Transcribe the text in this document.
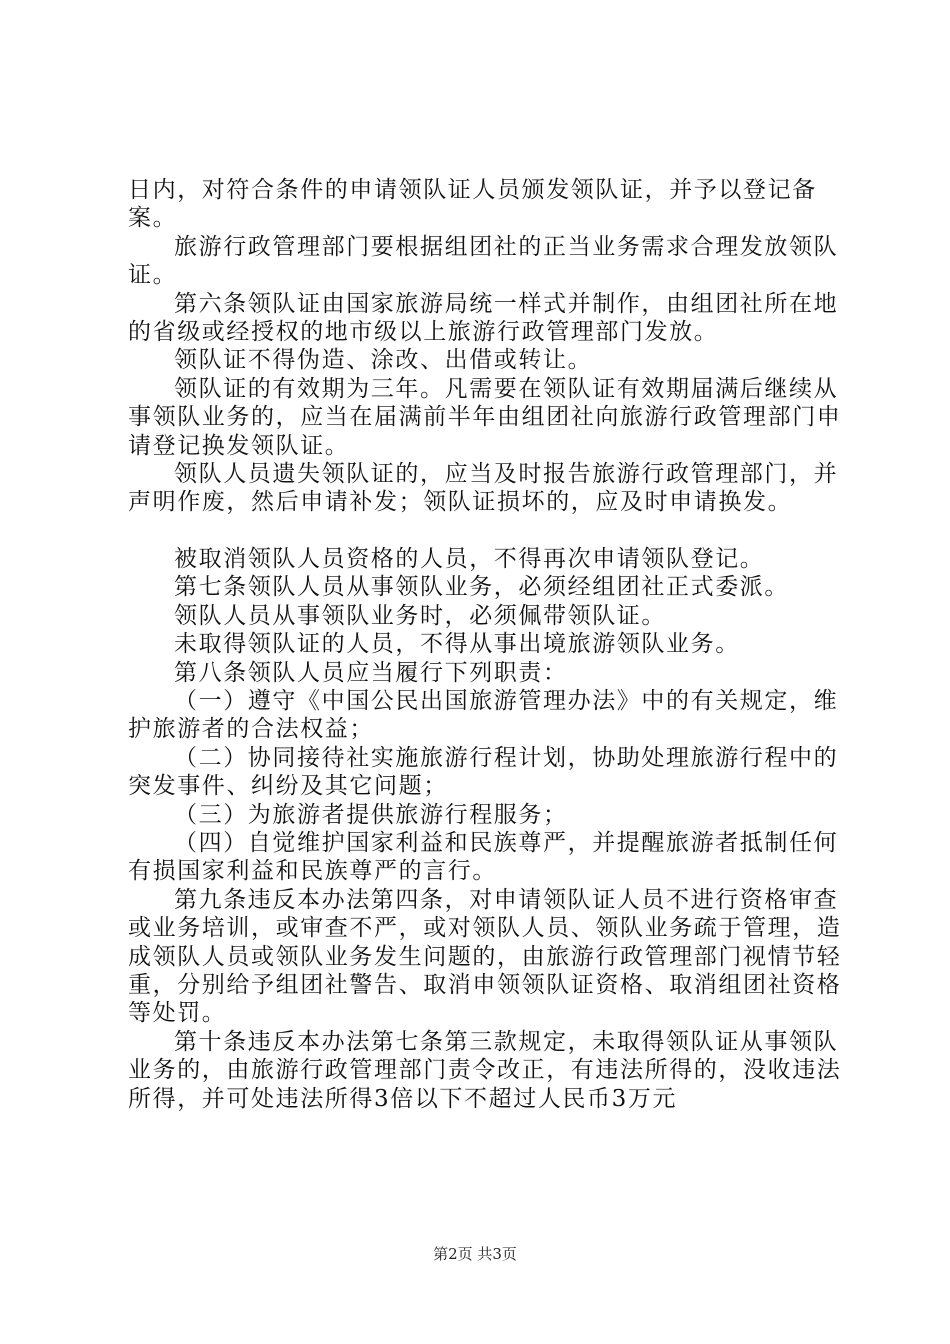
日内，对符合条件的申请领队证人员颁发领队证，并予以登记备案。

旅游行政管理部门要根据组团社的正当业务需求合理发放领队证。

第六条领队证由国家旅游局统一样式并制作，由组团社所在地的省级或经授权的地市级以上旅游行政管理部门发放。

领队证不得伪造、涂改、出借或转让。

领队证的有效期为三年。凡需要在领队证有效期届满后继续从事领队业务的，应当在届满前半年由组团社向旅游行政管理部门申请登记换发领队证。

领队人员遗失领队证的，应当及时报告旅游行政管理部门，并声明作废，然后申请补发；领队证损坏的，应及时申请换发。

被取消领队人员资格的人员，不得再次申请领队登记。

第七条领队人员从事领队业务，必须经组团社正式委派。

领队人员从事领队业务时，必须佩带领队证。

未取得领队证的人员，不得从事出境旅游领队业务。

第八条领队人员应当履行下列职责：

（一）遵守《中国公民出国旅游管理办法》中的有关规定，维护旅游者的合法权益；

（二）协同接待社实施旅游行程计划，协助处理旅游行程中的突发事件、纠纷及其它问题；

（三）为旅游者提供旅游行程服务；

（四）自觉维护国家利益和民族尊严，并提醒旅游者抵制任何有损国家利益和民族尊严的言行。

第九条违反本办法第四条，对申请领队证人员不进行资格审查或业务培训，或审查不严，或对领队人员、领队业务疏于管理，造成领队人员或领队业务发生问题的，由旅游行政管理部门视情节轻重，分别给予组团社警告、取消申领领队证资格、取消组团社资格等处罚。

第十条违反本办法第七条第三款规定，未取得领队证从事领队业务的，由旅游行政管理部门责令改正，有违法所得的，没收违法所得，并可处违法所得3倍以下不超过人民币3万元

第2页 共3页
